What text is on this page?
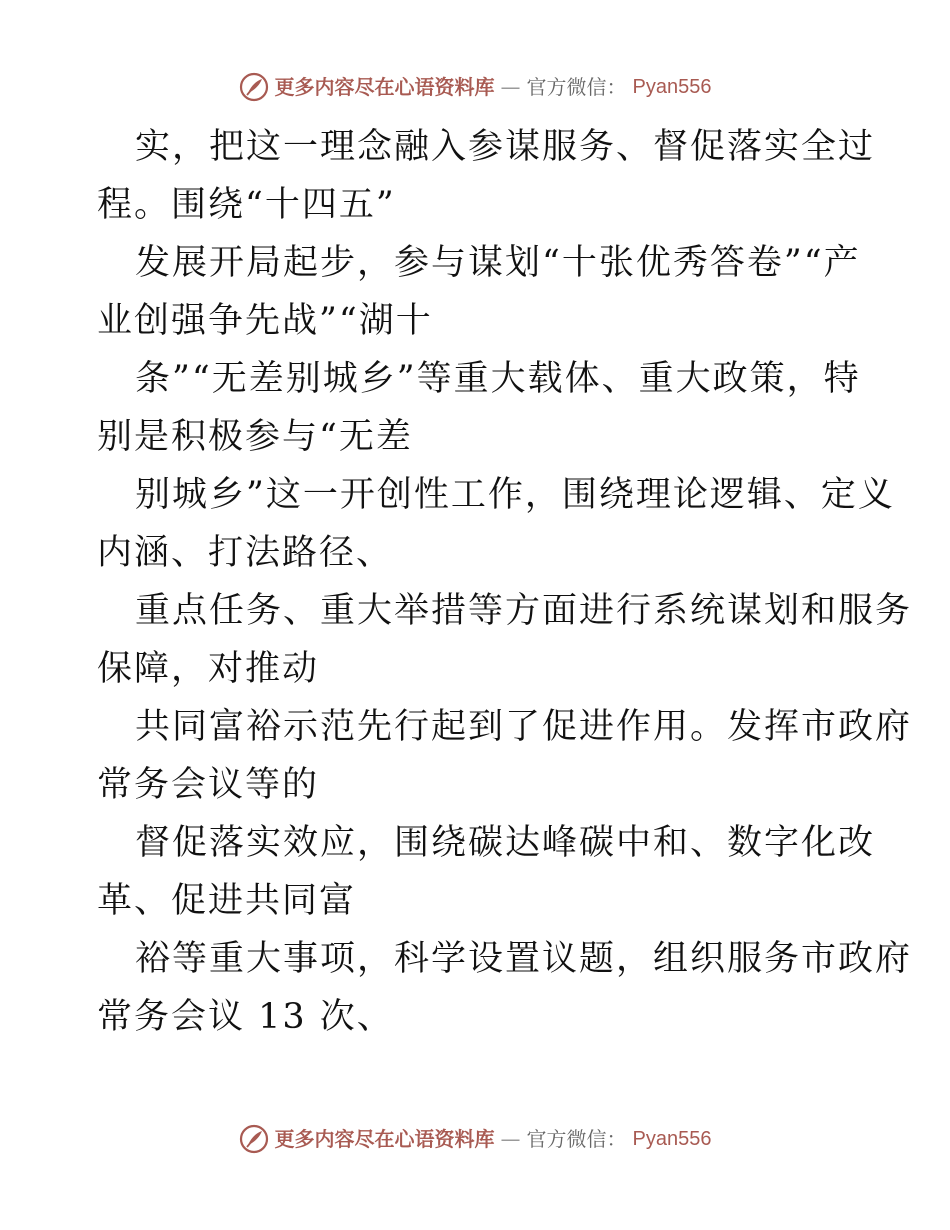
更多内容尽在心语资料库 — 官方微信： Pyan556
实，把这一理念融入参谋服务、督促落实全过
程。围绕“十四五”
发展开局起步，参与谋划“十张优秀答卷”“产
业创强争先战”“湖十
条”“无差别城乡”等重大载体、重大政策，特
别是积极参与“无差
别城乡”这一开创性工作，围绕理论逻辑、定义
内涵、打法路径、
重点任务、重大举措等方面进行系统谋划和服务
保障，对推动
共同富裕示范先行起到了促进作用。发挥市政府
常务会议等的
督促落实效应，围绕碳达峰碳中和、数字化改
革、促进共同富
裕等重大事项，科学设置议题，组织服务市政府
常务会议 13 次、
更多内容尽在心语资料库 — 官方微信： Pyan556
